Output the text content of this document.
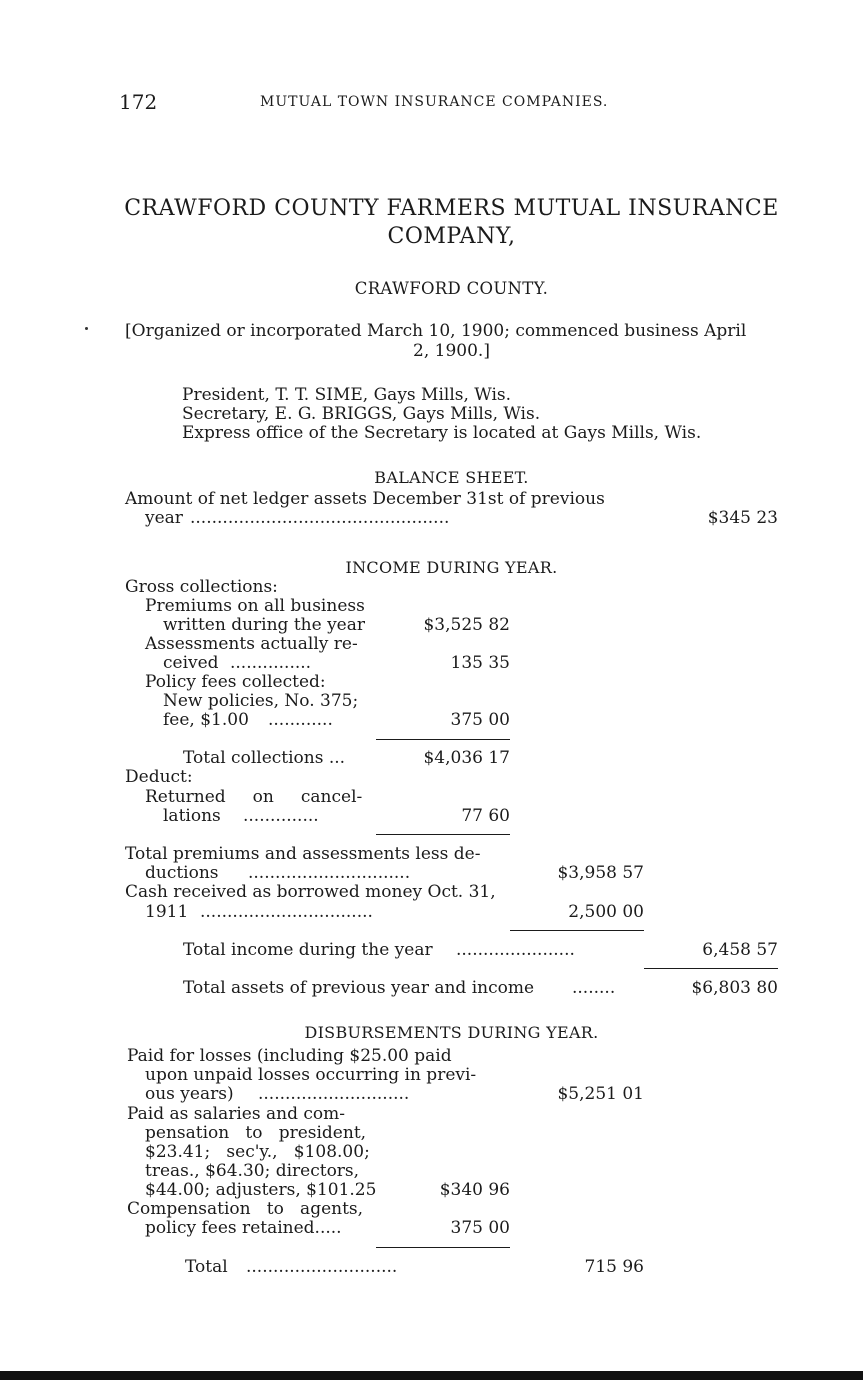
172	MUTUAL TOWN INSURANCE COMPANIES.
CRAWFORD COUNTY FARMERS MUTUAL INSURANCE
COMPANY,
CRAWFORD COUNTY.
[Organized or incorporated March 10, 1900; commenced business April
2, 1900.]
President, T. T. SIME, Gays Mills, Wis.
Secretary, E. G. BRIGGS, Gays Mills, Wis.
Express office of the Secretary is located at Gays Mills, Wis.
BALANCE SHEET.
Amount of net ledger assets December 31st of previous
year ................................................	$345 23
INCOME DURING YEAR.
Gross collections:
Premiums on all business
written during the year	$3,525 82
Assessments actually re-
ceived ...............	135 35
Policy fees collected:
New policies, No. 375;
fee, $1.00 ............	375 00
Total collections ...	$4,036 17
Deduct:
Returned     on     cancel-
lations ..............	77 60
Total premiums and assessments less de-
ductions ..............................	$3,958 57
Cash received as borrowed money Oct. 31,
1911 ................................	2,500 00
Total income during the year ......................	6,458 57
Total assets of previous year and income ........	$6,803 80
DISBURSEMENTS DURING YEAR.
Paid for losses (including $25.00 paid
upon unpaid losses occurring in previ-
ous years) ............................	$5,251 01
Paid as salaries and com-
pensation   to   president,
$23.41;   sec'y.,   $108.00;
treas., $64.30; directors,
$44.00; adjusters, $101.25	$340 96
Compensation   to   agents,
policy fees retained.....	375 00
Total ............................	715 96
